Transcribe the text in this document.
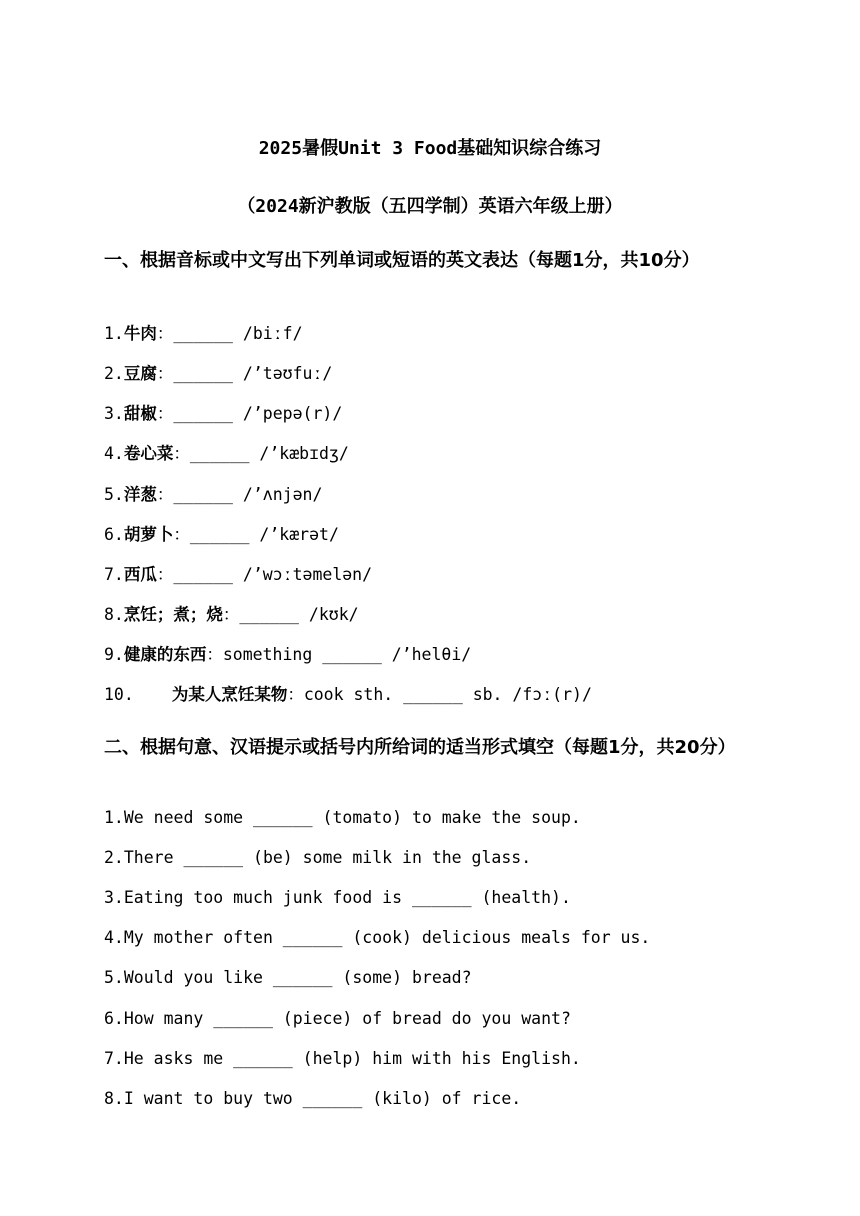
2025暑假Unit 3 Food基础知识综合练习
（2024新沪教版（五四学制）英语六年级上册）
一、根据音标或中文写出下列单词或短语的英文表达（每题1分，共10分）
1.牛肉：______ /biːf/
2.豆腐：______ /’təʊfuː/
3.甜椒：______ /’pepə(r)/
4.卷心菜：______ /’kæbɪdʒ/
5.洋葱：______ /’ʌnjən/
6.胡萝卜：______ /’kærət/
7.西瓜：______ /’wɔːtəmelən/
8.烹饪；煮；烧：______ /kʊk/
9.健康的东西：something ______ /’helθi/
10. 为某人烹饪某物：cook sth. ______ sb. /fɔː(r)/
二、根据句意、汉语提示或括号内所给词的适当形式填空（每题1分，共20分）
1.We need some ______ (tomato) to make the soup.
2.There ______ (be) some milk in the glass.
3.Eating too much junk food is ______ (health).
4.My mother often ______ (cook) delicious meals for us.
5.Would you like ______ (some) bread?
6.How many ______ (piece) of bread do you want?
7.He asks me ______ (help) him with his English.
8.I want to buy two ______ (kilo) of rice.
